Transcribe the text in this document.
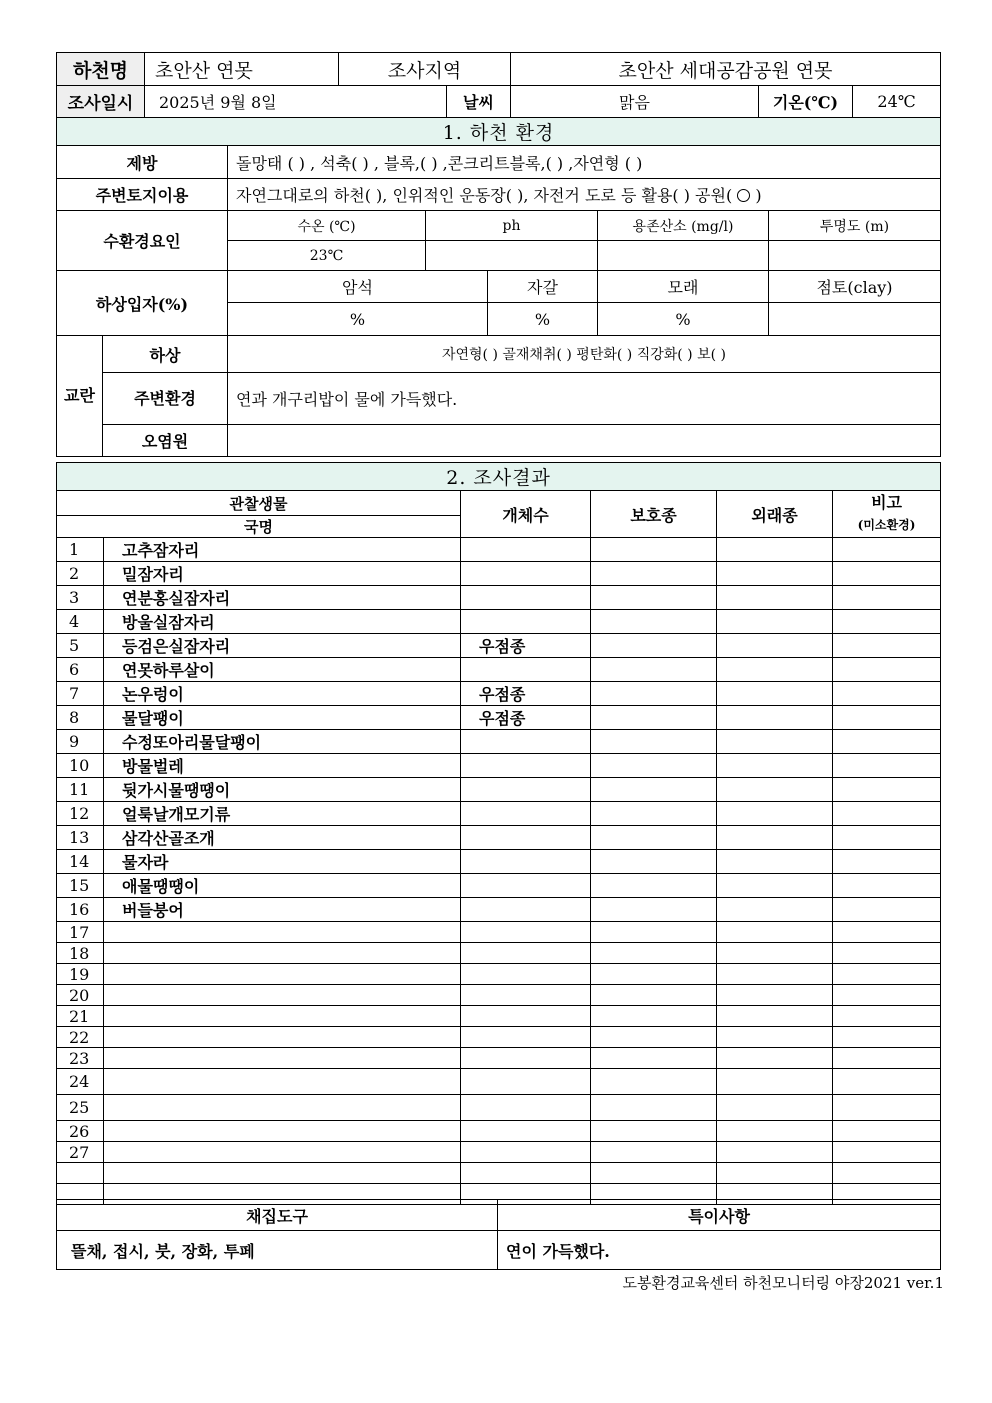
하천명	초안산 연못	조사지역		초안산 세대공감공원 연못		
조사일시	2025년 9월 8일		날씨	맑음	기온(℃)	24℃
1. 하천 환경						
제방		돌망태 ( ) , 석축( ) , 블록,( ) ,콘크리트블록,( ) ,자연형 ( )				
주변토지이용		자연그대로의 하천( ), 인위적인 운동장( ), 자전거 도로 등 활용( ) 공원( )				
수환경요인		수온 (℃)	ph		용존산소 (mg/l)	투명도 (m)
		23℃				
하상입자(%)		암석		자갈	모래	점토(clay)
		%		%	%	
교란	하상	자연형( ) 골재채취( ) 평탄화( ) 직강화( ) 보( )				
	주변환경	연과 개구리밥이 물에 가득했다.				
	오염원					
2. 조사결과					
관찰생물		개체수	보호종	외래종	비고
(미소환경)

국명					
1	고추잠자리				
2	밀잠자리				
3	연분홍실잠자리				
4	방울실잠자리				
5	등검은실잠자리	우점종			
6	연못하루살이				
7	논우렁이	우점종			
8	물달팽이	우점종			
9	수정또아리물달팽이				
10	방물벌레				
11	뒷가시물땡땡이				
12	얼룩날개모기류				
13	삼각산골조개				
14	물자라				
15	애물땡땡이				
16	버들붕어				
17					
18					
19					
20					
21					
22					
23					
24					
25					
26					
27					

채집도구	특이사항
뜰채, 접시, 붓, 장화, 투페	연이 가득했다.
도봉환경교육센터 하천모니터링 야장2021 ver.1
